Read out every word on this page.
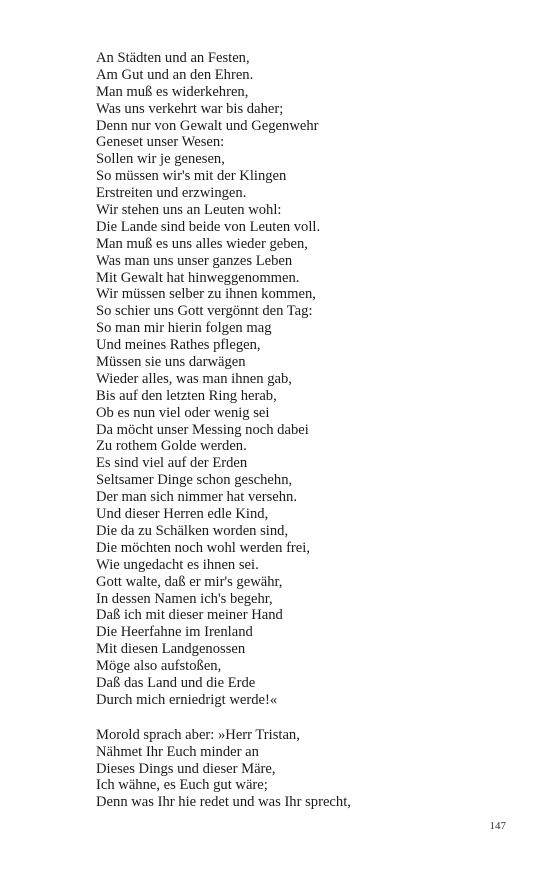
An Städten und an Festen,
Am Gut und an den Ehren.
Man muß es widerkehren,
Was uns verkehrt war bis daher;
Denn nur von Gewalt und Gegenwehr
Geneset unser Wesen:
Sollen wir je genesen,
So müssen wir's mit der Klingen
Erstreiten und erzwingen.
Wir stehen uns an Leuten wohl:
Die Lande sind beide von Leuten voll.
Man muß es uns alles wieder geben,
Was man uns unser ganzes Leben
Mit Gewalt hat hinweggenommen.
Wir müssen selber zu ihnen kommen,
So schier uns Gott vergönnt den Tag:
So man mir hierin folgen mag
Und meines Rathes pflegen,
Müssen sie uns darwägen
Wieder alles, was man ihnen gab,
Bis auf den letzten Ring herab,
Ob es nun viel oder wenig sei
Da möcht unser Messing noch dabei
Zu rothem Golde werden.
Es sind viel auf der Erden
Seltsamer Dinge schon geschehn,
Der man sich nimmer hat versehn.
Und dieser Herren edle Kind,
Die da zu Schälken worden sind,
Die möchten noch wohl werden frei,
Wie ungedacht es ihnen sei.
Gott walte, daß er mir's gewähr,
In dessen Namen ich's begehr,
Daß ich mit dieser meiner Hand
Die Heerfahne im Irenland
Mit diesen Landgenossen
Möge also aufstoßen,
Daß das Land und die Erde
Durch mich erniedrigt werde!«
Morold sprach aber: »Herr Tristan,
Nähmet Ihr Euch minder an
Dieses Dings und dieser Märe,
Ich wähne, es Euch gut wäre;
Denn was Ihr hie redet und was Ihr sprecht,
147
